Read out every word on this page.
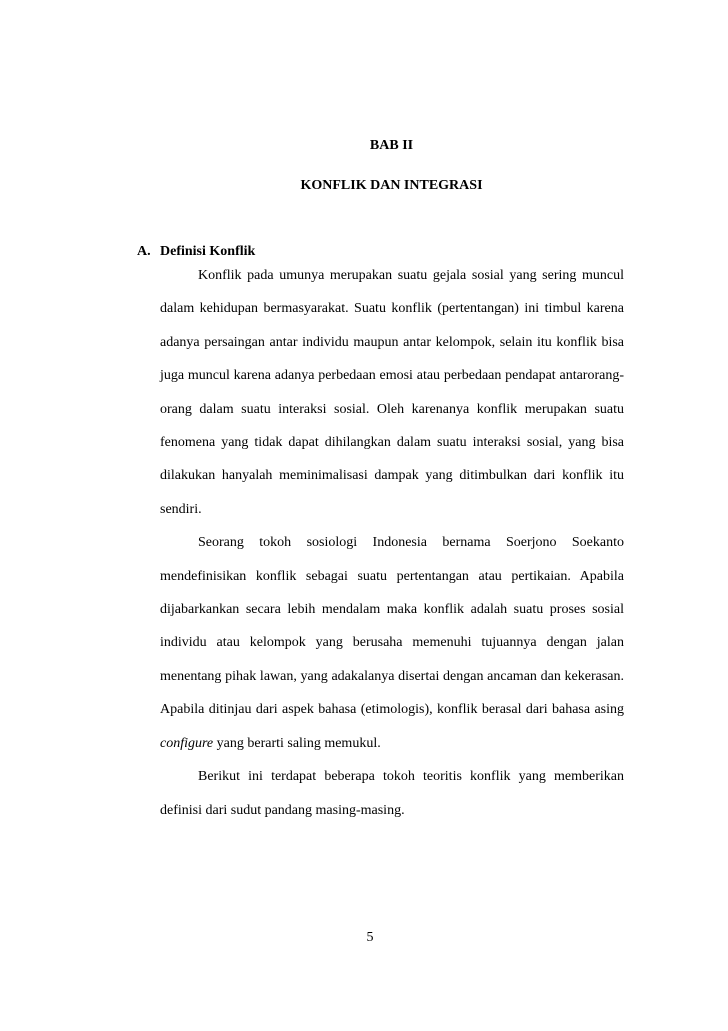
BAB II
KONFLIK DAN INTEGRASI
A. Definisi Konflik

Konflik pada umunya merupakan suatu gejala sosial yang sering muncul dalam kehidupan bermasyarakat. Suatu konflik (pertentangan) ini timbul karena adanya persaingan antar individu maupun antar kelompok, selain itu konflik bisa juga muncul karena adanya perbedaan emosi atau perbedaan pendapat antarorang-orang dalam suatu interaksi sosial. Oleh karenanya konflik merupakan suatu fenomena yang tidak dapat dihilangkan dalam suatu interaksi sosial, yang bisa dilakukan hanyalah meminimalisasi dampak yang ditimbulkan dari konflik itu sendiri.

Seorang tokoh sosiologi Indonesia bernama Soerjono Soekanto mendefinisikan konflik sebagai suatu pertentangan atau pertikaian. Apabila dijabarkankan secara lebih mendalam maka konflik adalah suatu proses sosial individu atau kelompok yang berusaha memenuhi tujuannya dengan jalan menentang pihak lawan, yang adakalanya disertai dengan ancaman dan kekerasan. Apabila ditinjau dari aspek bahasa (etimologis), konflik berasal dari bahasa asing configure yang berarti saling memukul.

Berikut ini terdapat beberapa tokoh teoritis konflik yang memberikan definisi dari sudut pandang masing-masing.

5
